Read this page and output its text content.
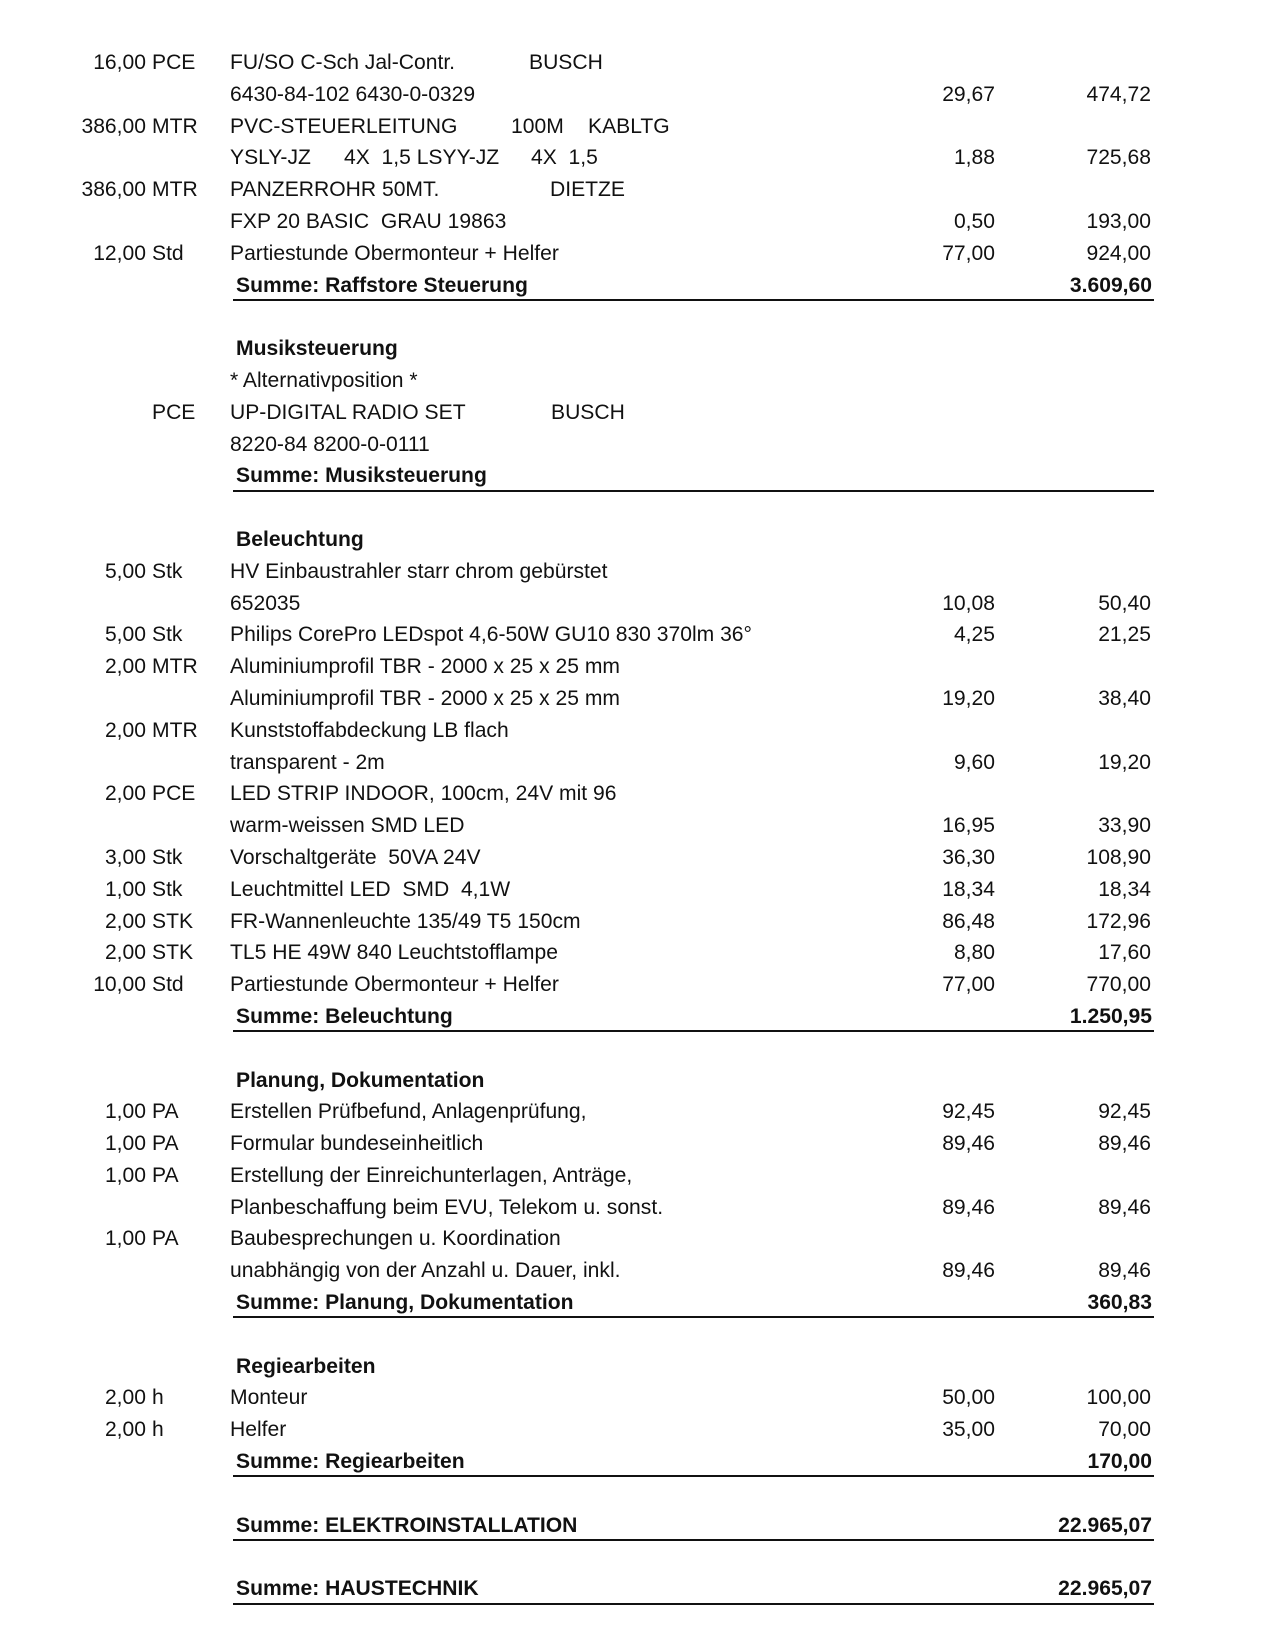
16,00 PCE FU/SO C-Sch Jal-Contr.	BUSCH
6430-84-102 6430-0-0329	29,67	474,72
386,00 MTR PVC-STEUERLEITUNG	100M KABLTG
YSLY-JZ 4X  1,5 LSYY-JZ 4X  1,5	1,88	725,68
386,00 MTR PANZERROHR 50MT.	DIETZE
FXP 20 BASIC  GRAU 19863	0,50	193,00
12,00 Std Partiestunde Obermonteur + Helfer	77,00	924,00
Summe: Raffstore Steuerung	3.609,60
Musiksteuerung
* Alternativposition *
PCE UP-DIGITAL RADIO SET	BUSCH
8220-84 8200-0-0111
Summe: Musiksteuerung
Beleuchtung
5,00 Stk HV Einbaustrahler starr chrom gebürstet
652035	10,08	50,40
5,00 Stk Philips CorePro LEDspot 4,6-50W GU10 830 370lm 36°	4,25	21,25
2,00 MTR Aluminiumprofil TBR - 2000 x 25 x 25 mm
Aluminiumprofil TBR - 2000 x 25 x 25 mm	19,20	38,40
2,00 MTR Kunststoffabdeckung LB flach
transparent - 2m	9,60	19,20
2,00 PCE LED STRIP INDOOR, 100cm, 24V mit 96
warm-weissen SMD LED	16,95	33,90
3,00 Stk Vorschaltgeräte  50VA 24V	36,30	108,90
1,00 Stk Leuchtmittel LED  SMD  4,1W	18,34	18,34
2,00 STK FR-Wannenleuchte 135/49 T5 150cm	86,48	172,96
2,00 STK TL5 HE 49W 840 Leuchtstofflampe	8,80	17,60
10,00 Std Partiestunde Obermonteur + Helfer	77,00	770,00
Summe: Beleuchtung	1.250,95
Planung, Dokumentation
1,00 PA Erstellen Prüfbefund, Anlagenprüfung,	92,45	92,45
1,00 PA Formular bundeseinheitlich	89,46	89,46
1,00 PA Erstellung der Einreichunterlagen, Anträge,
Planbeschaffung beim EVU, Telekom u. sonst.	89,46	89,46
1,00 PA Baubesprechungen u. Koordination
unabhängig von der Anzahl u. Dauer, inkl.	89,46	89,46
Summe: Planung, Dokumentation	360,83
Regiearbeiten
2,00 h	Monteur	50,00	100,00
2,00 h	Helfer	35,00	70,00
Summe: Regiearbeiten	170,00
Summe: ELEKTROINSTALLATION	22.965,07
Summe: HAUSTECHNIK	22.965,07
